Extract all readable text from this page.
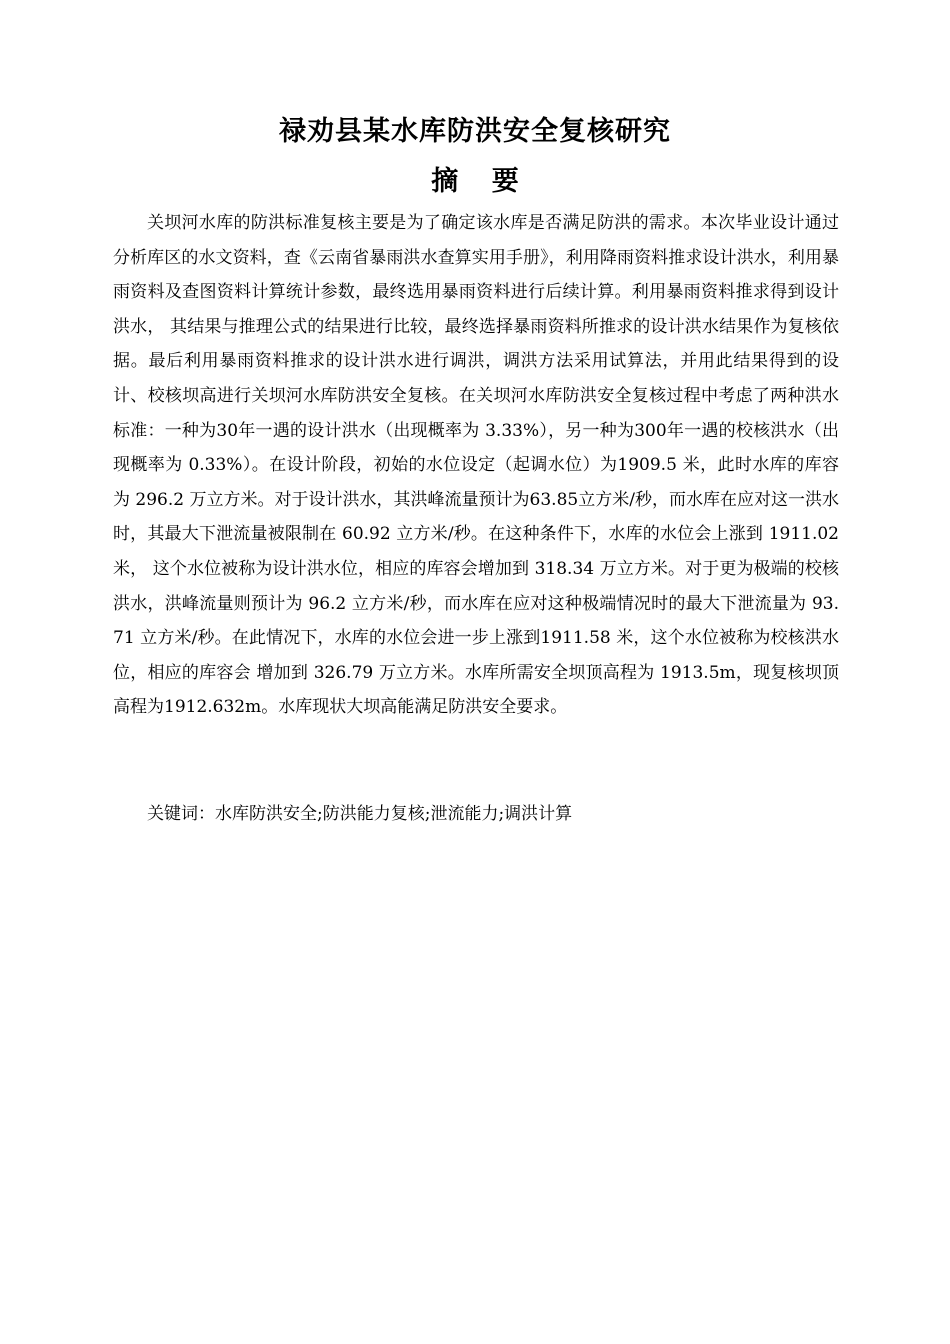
禄劝县某水库防洪安全复核研究
摘 要

关坝河水库的防洪标准复核主要是为了确定该水库是否满足防洪的需求。本次毕业设计通过分析库区的水文资料，查《云南省暴雨洪水查算实用手册》，利用降雨资料推求设计洪水，利用暴雨资料及查图资料计算统计参数，最终选用暴雨资料进行后续计算。利用暴雨资料推求得到设计洪水， 其结果与推理公式的结果进行比较，最终选择暴雨资料所推求的设计洪水结果作为复核依据。最后利用暴雨资料推求的设计洪水进行调洪，调洪方法采用试算法，并用此结果得到的设计、校核坝高进行关坝河水库防洪安全复核。在关坝河水库防洪安全复核过程中考虑了两种洪水标准：一种为30年一遇的设计洪水（出现概率为 3.33%），另一种为300年一遇的校核洪水（出现概率为 0.33%）。在设计阶段，初始的水位设定（起调水位）为1909.5 米，此时水库的库容为 296.2 万立方米。对于设计洪水，其洪峰流量预计为63.85立方米/秒，而水库在应对这一洪水时，其最大下泄流量被限制在 60.92 立方米/秒。在这种条件下，水库的水位会上涨到 1911.02 米， 这个水位被称为设计洪水位，相应的库容会增加到 318.34 万立方米。对于更为极端的校核洪水，洪峰流量则预计为 96.2 立方米/秒，而水库在应对这种极端情况时的最大下泄流量为 93.71 立方米/秒。在此情况下，水库的水位会进一步上涨到1911.58 米，这个水位被称为校核洪水位，相应的库容会 增加到 326.79 万立方米。水库所需安全坝顶高程为 1913.5m，现复核坝顶高程为1912.632m。水库现状大坝高能满足防洪安全要求。

关键词：水库防洪安全;防洪能力复核;泄流能力;调洪计算
